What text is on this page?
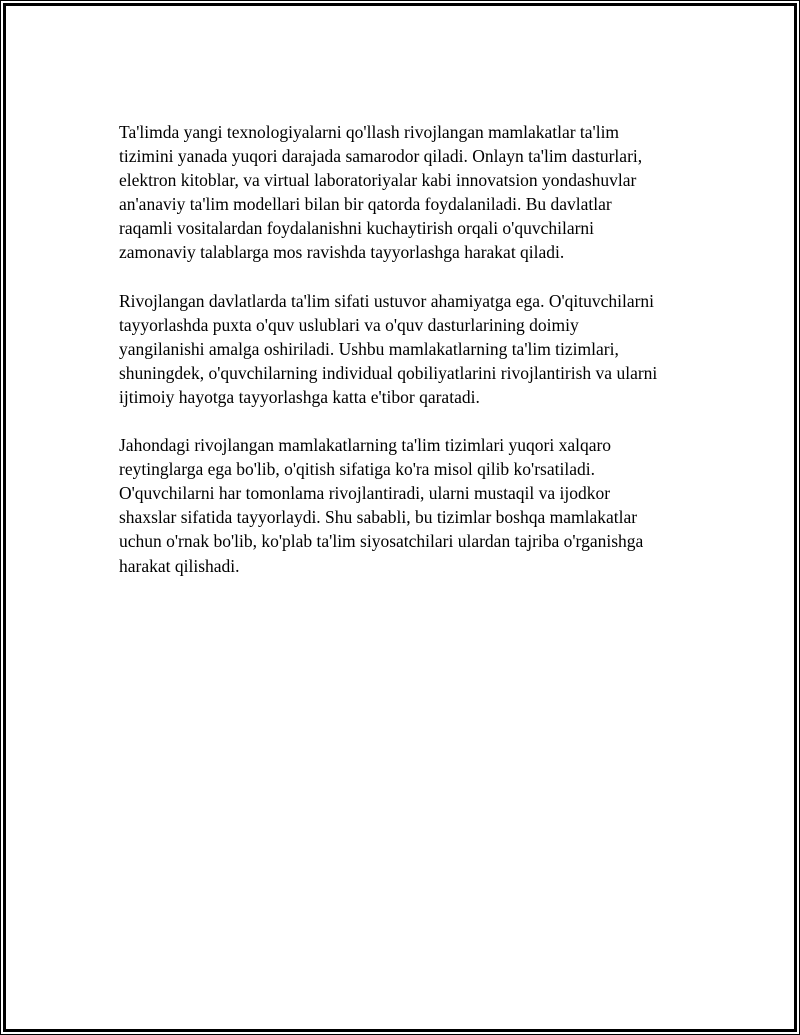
Ta'limda yangi texnologiyalarni qo'llash rivojlangan mamlakatlar ta'lim
tizimini yanada yuqori darajada samarodor qiladi. Onlayn ta'lim dasturlari,
elektron kitoblar, va virtual laboratoriyalar kabi innovatsion yondashuvlar
an'anaviy ta'lim modellari bilan bir qatorda foydalaniladi. Bu davlatlar
raqamli vositalardan foydalanishni kuchaytirish orqali o'quvchilarni
zamonaviy talablarga mos ravishda tayyorlashga harakat qiladi.

Rivojlangan davlatlarda ta'lim sifati ustuvor ahamiyatga ega. O'qituvchilarni
tayyorlashda puxta o'quv uslublari va o'quv dasturlarining doimiy
yangilanishi amalga oshiriladi. Ushbu mamlakatlarning ta'lim tizimlari,
shuningdek, o'quvchilarning individual qobiliyatlarini rivojlantirish va ularni
ijtimoiy hayotga tayyorlashga katta e'tibor qaratadi.

Jahondagi rivojlangan mamlakatlarning ta'lim tizimlari yuqori xalqaro
reytinglarga ega bo'lib, o'qitish sifatiga ko'ra misol qilib ko'rsatiladi.
O'quvchilarni har tomonlama rivojlantiradi, ularni mustaqil va ijodkor
shaxslar sifatida tayyorlaydi. Shu sababli, bu tizimlar boshqa mamlakatlar
uchun o'rnak bo'lib, ko'plab ta'lim siyosatchilari ulardan tajriba o'rganishga
harakat qilishadi.
